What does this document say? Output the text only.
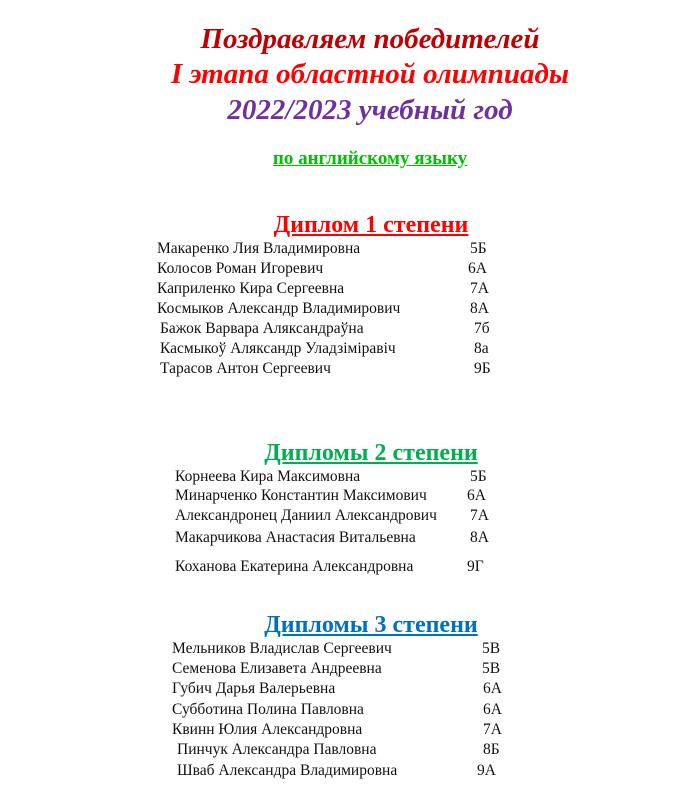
Поздравляем победителей
I этапа областной олимпиады
2022/2023 учебный год
по английскому языку
Диплом 1 степени
Дипломы 2 степени
Дипломы 3 степени
Макаренко Лия Владимировна	5Б
Колосов Роман Игоревич	6А
Каприленко Кира Сергеевна	7А
Космыков Александр Владимирович	8А
Бажок Варвара Аляксандраўна	7б
Касмыкоў Аляксандр Уладзіміравіч	8а
Тарасов Антон Сергеевич	9Б
Корнеева Кира Максимовна	5Б
Минарченко Константин Максимович	6А
Александронец Даниил Александрович 7А
Макарчикова Анастасия Витальевна	8А
Коханова Екатерина Александровна	9Г
Мельников Владислав Сергеевич	5В
Семенова Елизавета Андреевна	5В
Губич Дарья Валерьевна	6А
Субботина Полина Павловна	6А
Квинн Юлия Александровна	7А
Пинчук Александра Павловна	8Б
Шваб Александра Владимировна	9А
